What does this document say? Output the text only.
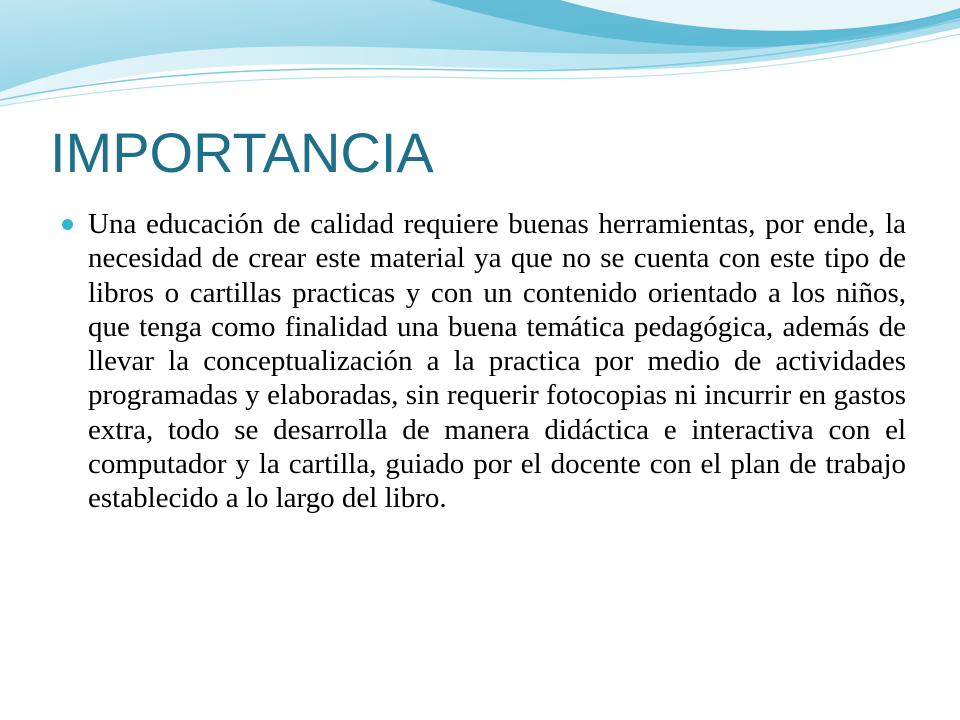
IMPORTANCIA

Una educación de calidad requiere buenas herramientas, por ende, la necesidad de crear este material ya que no se cuenta con este tipo de libros o cartillas practicas y con un contenido orientado a los niños, que tenga como finalidad una buena temática pedagógica, además de llevar la conceptualización a la practica por medio de actividades programadas y elaboradas, sin requerir fotocopias ni incurrir en gastos extra, todo se desarrolla de manera didáctica e interactiva con el computador y la cartilla, guiado por el docente con el plan de trabajo establecido a lo largo del libro.
